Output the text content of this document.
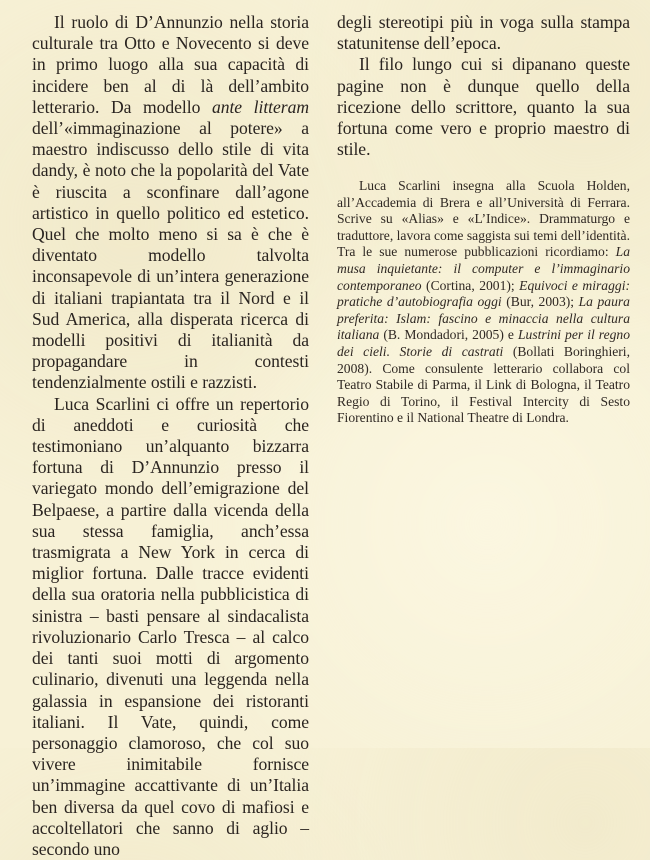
Il ruolo di D’Annunzio nella storia culturale tra Otto e Novecento si deve in primo luogo alla sua capacità di incidere ben al di là dell’ambito letterario. Da modello ante litteram dell’«immaginazione al potere» a maestro indiscusso dello stile di vita dandy, è noto che la popolarità del Vate è riuscita a sconfinare dall’agone artistico in quello politico ed estetico. Quel che molto meno si sa è che è diventato modello talvolta inconsapevole di un’intera generazione di italiani trapiantata tra il Nord e il Sud America, alla disperata ricerca di modelli positivi di italianità da propagandare in contesti tendenzialmente ostili e razzisti.

Luca Scarlini ci offre un repertorio di aneddoti e curiosità che testimoniano un’alquanto bizzarra fortuna di D’Annunzio presso il variegato mondo dell’emigrazione del Belpaese, a partire dalla vicenda della sua stessa famiglia, anch’essa trasmigrata a New York in cerca di miglior fortuna. Dalle tracce evidenti della sua oratoria nella pubblicistica di sinistra – basti pensare al sindacalista rivoluzionario Carlo Tresca – al calco dei tanti suoi motti di argomento culinario, divenuti una leggenda nella galassia in espansione dei ristoranti italiani. Il Vate, quindi, come personaggio clamoroso, che col suo vivere inimitabile fornisce un’immagine accattivante di un’Italia ben diversa da quel covo di mafiosi e accoltellatori che sanno di aglio – secondo uno

degli stereotipi più in voga sulla stampa statunitense dell’epoca.

Il filo lungo cui si dipanano queste pagine non è dunque quello della ricezione dello scrittore, quanto la sua fortuna come vero e proprio maestro di stile.

Luca Scarlini insegna alla Scuola Holden, all’Accademia di Brera e all’Università di Ferrara. Scrive su «Alias» e «L’Indice». Drammaturgo e traduttore, lavora come saggista sui temi dell’identità. Tra le sue numerose pubblicazioni ricordiamo: La musa inquietante: il computer e l’immaginario contemporaneo (Cortina, 2001); Equivoci e miraggi: pratiche d’autobiografia oggi (Bur, 2003); La paura preferita: Islam: fascino e minaccia nella cultura italiana (B. Mondadori, 2005) e Lustrini per il regno dei cieli. Storie di castrati (Bollati Boringhieri, 2008). Come consulente letterario collabora col Teatro Stabile di Parma, il Link di Bologna, il Teatro Regio di Torino, il Festival Intercity di Sesto Fiorentino e il National Theatre di Londra.
